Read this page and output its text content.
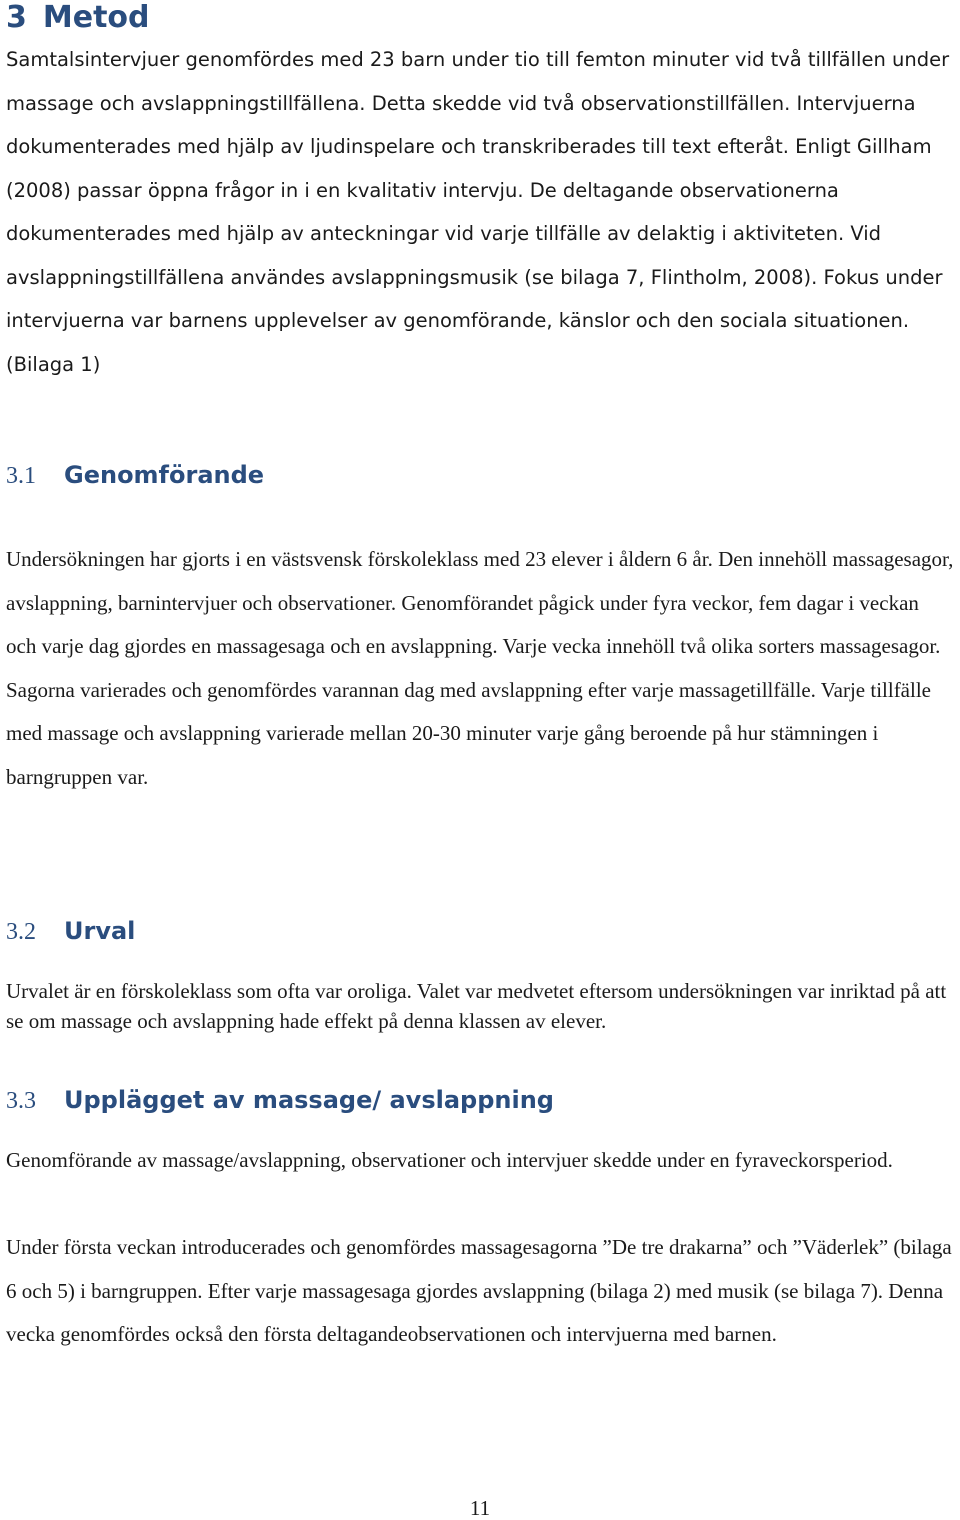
3 Metod

Samtalsintervjuer genomfördes med 23 barn under tio till femton minuter vid två tillfällen under massage och avslappningstillfällena. Detta skedde vid två observationstillfällen. Intervjuerna dokumenterades med hjälp av ljudinspelare och transkriberades till text efteråt. Enligt Gillham (2008) passar öppna frågor in i en kvalitativ intervju. De deltagande observationerna dokumenterades med hjälp av anteckningar vid varje tillfälle av delaktig i aktiviteten. Vid avslappningstillfällena användes avslappningsmusik (se bilaga 7, Flintholm, 2008). Fokus under intervjuerna var barnens upplevelser av genomförande, känslor och den sociala situationen. (Bilaga 1)

3.1 Genomförande

Undersökningen har gjorts i en västsvensk förskoleklass med 23 elever i åldern 6 år. Den innehöll massagesagor, avslappning, barnintervjuer och observationer. Genomförandet pågick under fyra veckor, fem dagar i veckan och varje dag gjordes en massagesaga och en avslappning. Varje vecka innehöll två olika sorters massagesagor. Sagorna varierades och genomfördes varannan dag med avslappning efter varje massagetillfälle. Varje tillfälle med massage och avslappning varierade mellan 20-30 minuter varje gång beroende på hur stämningen i barngruppen var.

3.2 Urval

Urvalet är en förskoleklass som ofta var oroliga. Valet var medvetet eftersom undersökningen var inriktad på att se om massage och avslappning hade effekt på denna klassen av elever.

3.3 Upplägget av massage/ avslappning

Genomförande av massage/avslappning, observationer och intervjuer skedde under en fyraveckorsperiod.

Under första veckan introducerades och genomfördes massagesagorna ”De tre drakarna” och ”Väderlek” (bilaga 6 och 5) i barngruppen. Efter varje massagesaga gjordes avslappning (bilaga 2) med musik (se bilaga 7). Denna vecka genomfördes också den första deltagandeobservationen och intervjuerna med barnen.

11
